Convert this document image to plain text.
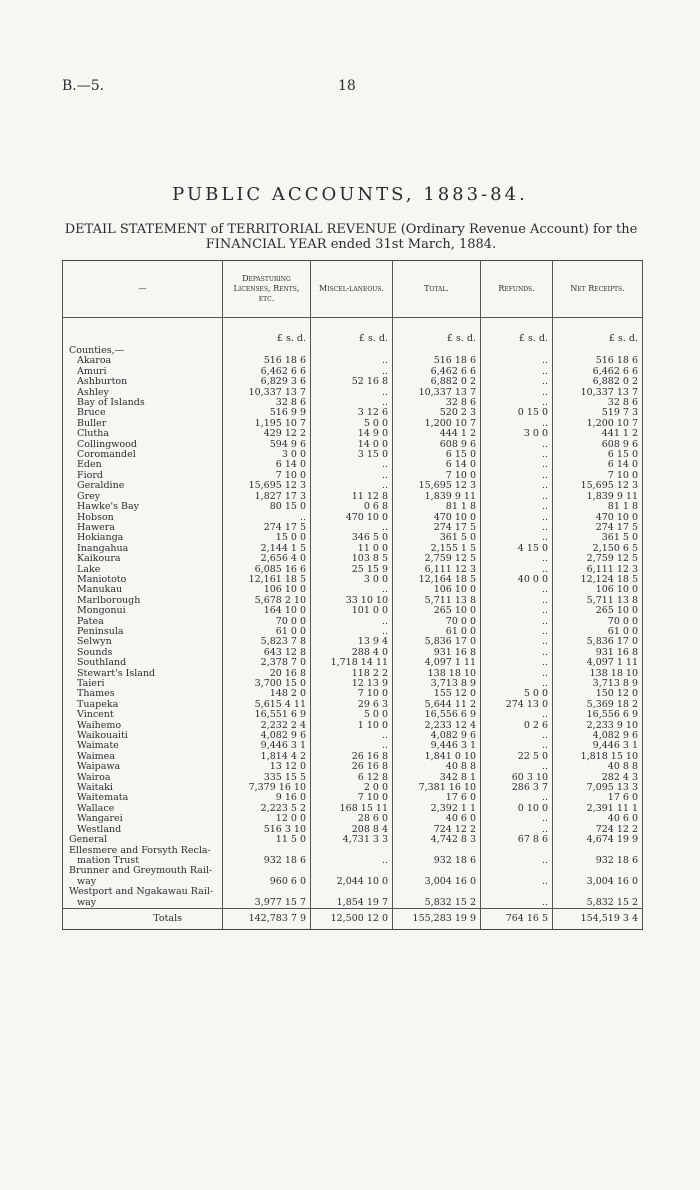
B.—5.	18
PUBLIC ACCOUNTS, 1883-84.
DETAIL STATEMENT of TERRITORIAL REVENUE (Ordinary Revenue Account) for the
FINANCIAL YEAR ended 31st March, 1884.
—	Depasturing Licenses, Rents, etc.	Miscel-laneous.	Total.	Refunds.	Net Receipts.
	£ s. d.	£ s. d.	£ s. d.	£ s. d.	£ s. d.
Counties,—					
Akaroa	516 18 6	..	516 18 6	..	516 18 6
Amuri	6,462 6 6	..	6,462 6 6	..	6,462 6 6
Ashburton	6,829 3 6	52 16 8	6,882 0 2	..	6,882 0 2
Ashley	10,337 13 7	..	10,337 13 7	..	10,337 13 7
Bay of Islands	32 8 6	..	32 8 6	..	32 8 6
Bruce	516 9 9	3 12 6	520 2 3	0 15 0	519 7 3
Buller	1,195 10 7	5 0 0	1,200 10 7	..	1,200 10 7
Clutha	429 12 2	14 9 0	444 1 2	3 0 0	441 1 2
Collingwood	594 9 6	14 0 0	608 9 6	..	608 9 6
Coromandel	3 0 0	3 15 0	6 15 0	..	6 15 0
Eden	6 14 0	..	6 14 0	..	6 14 0
Fiord	7 10 0	..	7 10 0	..	7 10 0
Geraldine	15,695 12 3	..	15,695 12 3	..	15,695 12 3
Grey	1,827 17 3	11 12 8	1,839 9 11	..	1,839 9 11
Hawke's Bay	80 15 0	0 6 8	81 1 8	..	81 1 8
Hobson	..	470 10 0	470 10 0	..	470 10 0
Hawera	274 17 5	..	274 17 5	..	274 17 5
Hokianga	15 0 0	346 5 0	361 5 0	..	361 5 0
Inangahua	2,144 1 5	11 0 0	2,155 1 5	4 15 0	2,150 6 5
Kaikoura	2,656 4 0	103 8 5	2,759 12 5	..	2,759 12 5
Lake	6,085 16 6	25 15 9	6,111 12 3	..	6,111 12 3
Maniototo	12,161 18 5	3 0 0	12,164 18 5	40 0 0	12,124 18 5
Manukau	106 10 0	..	106 10 0	..	106 10 0
Marlborough	5,678 2 10	33 10 10	5,711 13 8	..	5,711 13 8
Mongonui	164 10 0	101 0 0	265 10 0	..	265 10 0
Patea	70 0 0	..	70 0 0	..	70 0 0
Peninsula	61 0 0	..	61 0 0	..	61 0 0
Selwyn	5,823 7 8	13 9 4	5,836 17 0	..	5,836 17 0
Sounds	643 12 8	288 4 0	931 16 8	..	931 16 8
Southland	2,378 7 0	1,718 14 11	4,097 1 11	..	4,097 1 11
Stewart's Island	20 16 8	118 2 2	138 18 10	..	138 18 10
Taieri	3,700 15 0	12 13 9	3,713 8 9	..	3,713 8 9
Thames	148 2 0	7 10 0	155 12 0	5 0 0	150 12 0
Tuapeka	5,615 4 11	29 6 3	5,644 11 2	274 13 0	5,369 18 2
Vincent	16,551 6 9	5 0 0	16,556 6 9	..	16,556 6 9
Waihemo	2,232 2 4	1 10 0	2,233 12 4	0 2 6	2,233 9 10
Waikouaiti	4,082 9 6	..	4,082 9 6	..	4,082 9 6
Waimate	9,446 3 1	..	9,446 3 1	..	9,446 3 1
Waimea	1,814 4 2	26 16 8	1,841 0 10	22 5 0	1,818 15 10
Waipawa	13 12 0	26 16 8	40 8 8	..	40 8 8
Wairoa	335 15 5	6 12 8	342 8 1	60 3 10	282 4 3
Waitaki	7,379 16 10	2 0 0	7,381 16 10	286 3 7	7,095 13 3
Waitemata	9 16 0	7 10 0	17 6 0	..	17 6 0
Wallace	2,223 5 2	168 15 11	2,392 1 1	0 10 0	2,391 11 1
Wangarei	12 0 0	28 6 0	40 6 0	..	40 6 0
Westland	516 3 10	208 8 4	724 12 2	..	724 12 2
General	11 5 0	4,731 3 3	4,742 8 3	67 8 6	4,674 19 9
Ellesmere and Forsyth Recla-					
mation Trust	932 18 6	..	932 18 6	..	932 18 6
Brunner and Greymouth Rail-					
way	960 6 0	2,044 10 0	3,004 16 0	..	3,004 16 0
Westport and Ngakawau Rail-					
way	3,977 15 7	1,854 19 7	5,832 15 2	..	5,832 15 2
Totals	142,783 7 9	12,500 12 0	155,283 19 9	764 16 5	154,519 3 4
